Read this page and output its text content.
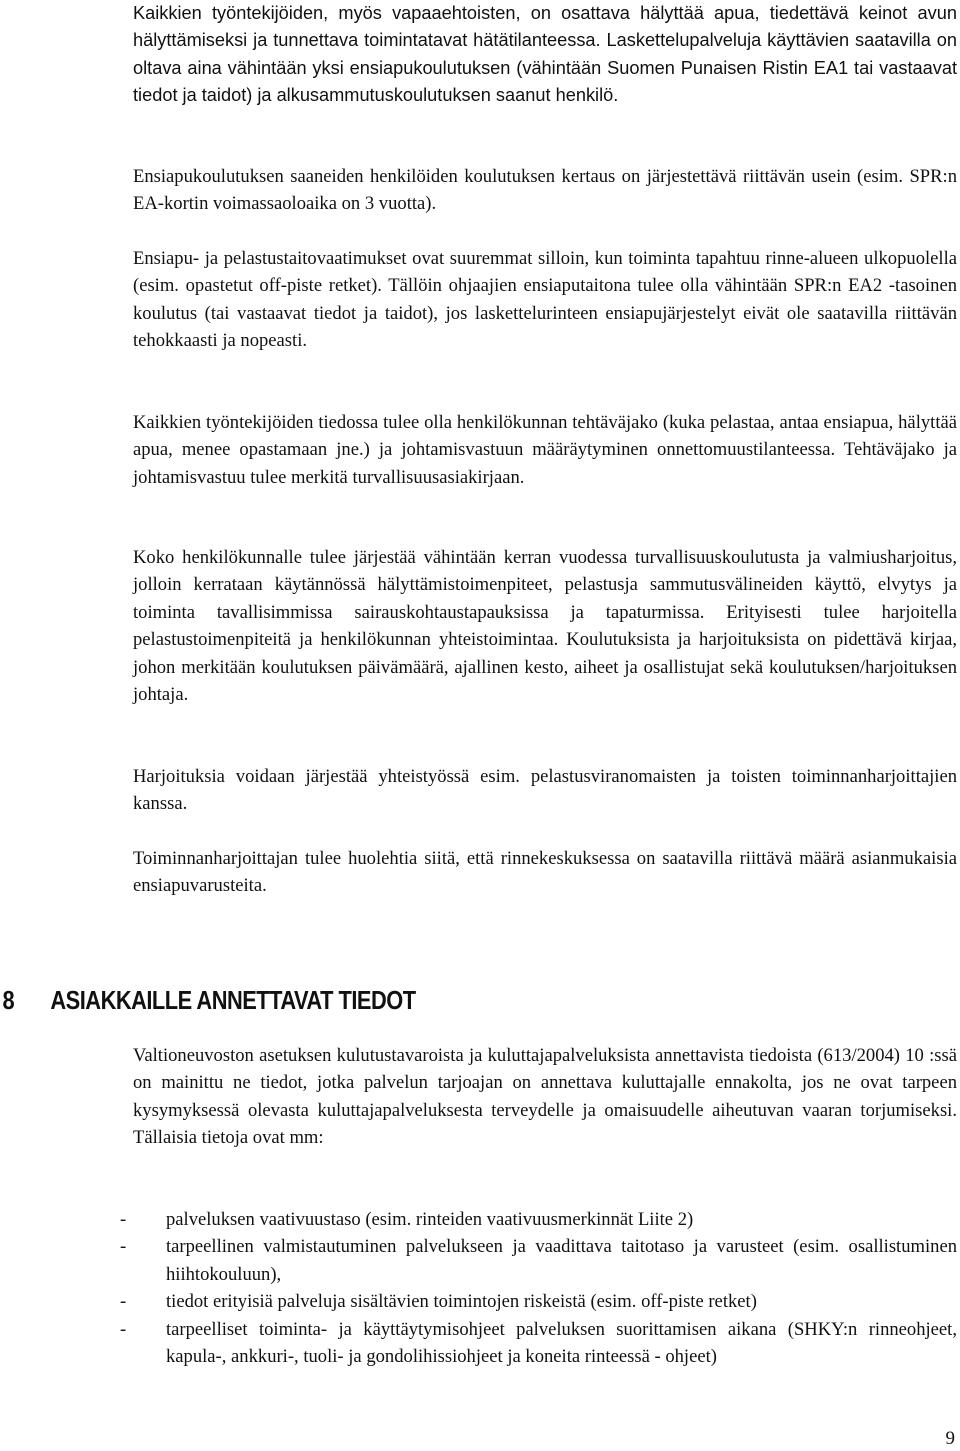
Kaikkien työntekijöiden, myös vapaaehtoisten, on osattava hälyttää apua, tiedettävä keinot avun hälyttämiseksi ja tunnettava toimintatavat hätätilanteessa. Laskettelupalveluja käyttävien saatavilla on oltava aina vähintään yksi ensiapukoulutuksen (vähintään Suomen Punaisen Ristin EA1 tai vastaavat tiedot ja taidot) ja alkusammutuskoulutuksen saanut henkilö.

Ensiapukoulutuksen saaneiden henkilöiden koulutuksen kertaus on järjestettävä riittävän usein (esim. SPR:n EA-kortin voimassaoloaika on 3 vuotta).

Ensiapu- ja pelastustaitovaatimukset ovat suuremmat silloin, kun toiminta tapahtuu rinne-alueen ulkopuolella (esim. opastetut off-piste retket). Tällöin ohjaajien ensiaputaitona tulee olla vähintään SPR:n EA2 -tasoinen koulutus (tai vastaavat tiedot ja taidot), jos laskettelurinteen ensiapujärjestelyt eivät ole saatavilla riittävän tehokkaasti ja nopeasti.

Kaikkien työntekijöiden tiedossa tulee olla henkilökunnan tehtäväjako (kuka pelastaa, antaa ensiapua, hälyttää apua, menee opastamaan jne.) ja johtamisvastuun määräytyminen onnettomuustilanteessa. Tehtäväjako ja johtamisvastuu tulee merkitä turvallisuusasiakirjaan.

Koko henkilökunnalle tulee järjestää vähintään kerran vuodessa turvallisuuskoulutusta ja valmiusharjoitus, jolloin kerrataan käytännössä hälyttämistoimenpiteet, pelastusja sammutusvälineiden käyttö, elvytys ja toiminta tavallisimmissa sairauskohtaustapauksissa ja tapaturmissa. Erityisesti tulee harjoitella pelastustoimenpiteitä ja henkilökunnan yhteistoimintaa. Koulutuksista ja harjoituksista on pidettävä kirjaa, johon merkitään koulutuksen päivämäärä, ajallinen kesto, aiheet ja osallistujat sekä koulutuksen/harjoituksen johtaja.

Harjoituksia voidaan järjestää yhteistyössä esim. pelastusviranomaisten ja toisten toiminnanharjoittajien kanssa.

Toiminnanharjoittajan tulee huolehtia siitä, että rinnekeskuksessa on saatavilla riittävä määrä asianmukaisia ensiapuvarusteita.

8 ASIAKKAILLE ANNETTAVAT TIEDOT

Valtioneuvoston asetuksen kulutustavaroista ja kuluttajapalveluksista annettavista tiedoista (613/2004) 10 :ssä on mainittu ne tiedot, jotka palvelun tarjoajan on annettava kuluttajalle ennakolta, jos ne ovat tarpeen kysymyksessä olevasta kuluttajapalveluksesta terveydelle ja omaisuudelle aiheutuvan vaaran torjumiseksi. Tällaisia tietoja ovat mm:

- palveluksen vaativuustaso (esim. rinteiden vaativuusmerkinnät Liite 2)
- tarpeellinen valmistautuminen palvelukseen ja vaadittava taitotaso ja varusteet (esim. osallistuminen hiihtokouluun),
- tiedot erityisiä palveluja sisältävien toimintojen riskeistä (esim. off-piste retket)
- tarpeelliset toiminta- ja käyttäytymisohjeet palveluksen suorittamisen aikana (SHKY:n rinneohjeet, kapula-, ankkuri-, tuoli- ja gondolihissiohjeet ja koneita rinteessä - ohjeet)
9
